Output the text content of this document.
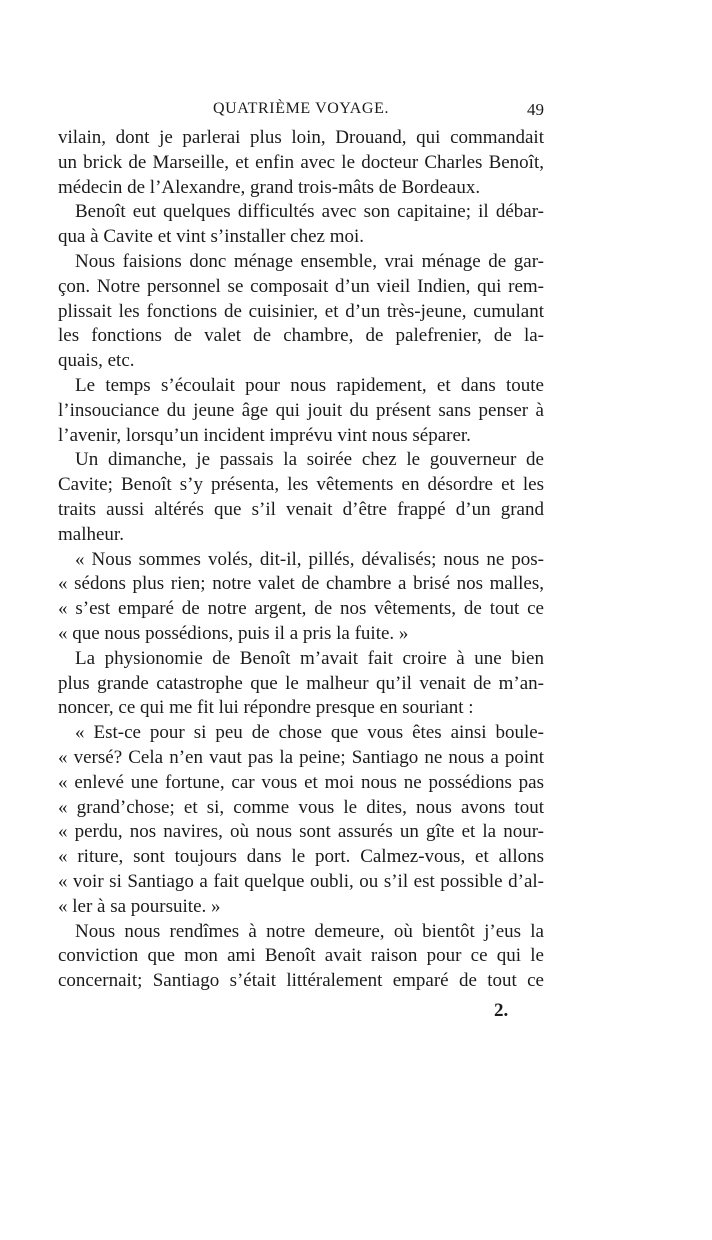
QUATRIÈME VOYAGE.	49
vilain, dont je parlerai plus loin, Drouand, qui commandait
un brick de Marseille, et enfin avec le docteur Charles Benoît,
médecin de l’Alexandre, grand trois-mâts de Bordeaux.
Benoît eut quelques difficultés avec son capitaine; il débar-
qua à Cavite et vint s’installer chez moi.
Nous faisions donc ménage ensemble, vrai ménage de gar-
çon. Notre personnel se composait d’un vieil Indien, qui rem-
plissait les fonctions de cuisinier, et d’un très-jeune, cumulant
les fonctions de valet de chambre, de palefrenier, de la-
quais, etc.
Le temps s’écoulait pour nous rapidement, et dans toute
l’insouciance du jeune âge qui jouit du présent sans penser à
l’avenir, lorsqu’un incident imprévu vint nous séparer.
Un dimanche, je passais la soirée chez le gouverneur de
Cavite; Benoît s’y présenta, les vêtements en désordre et les
traits aussi altérés que s’il venait d’être frappé d’un grand
malheur.
« Nous sommes volés, dit-il, pillés, dévalisés; nous ne pos-
« sédons plus rien; notre valet de chambre a brisé nos malles,
« s’est emparé de notre argent, de nos vêtements, de tout ce
« que nous possédions, puis il a pris la fuite. »
La physionomie de Benoît m’avait fait croire à une bien
plus grande catastrophe que le malheur qu’il venait de m’an-
noncer, ce qui me fit lui répondre presque en souriant :
« Est-ce pour si peu de chose que vous êtes ainsi boule-
« versé? Cela n’en vaut pas la peine; Santiago ne nous a point
« enlevé une fortune, car vous et moi nous ne possédions pas
« grand’chose; et si, comme vous le dites, nous avons tout
« perdu, nos navires, où nous sont assurés un gîte et la nour-
« riture, sont toujours dans le port. Calmez-vous, et allons
« voir si Santiago a fait quelque oubli, ou s’il est possible d’al-
« ler à sa poursuite. »
Nous nous rendîmes à notre demeure, où bientôt j’eus la
conviction que mon ami Benoît avait raison pour ce qui le
concernait; Santiago s’était littéralement emparé de tout ce
2.
